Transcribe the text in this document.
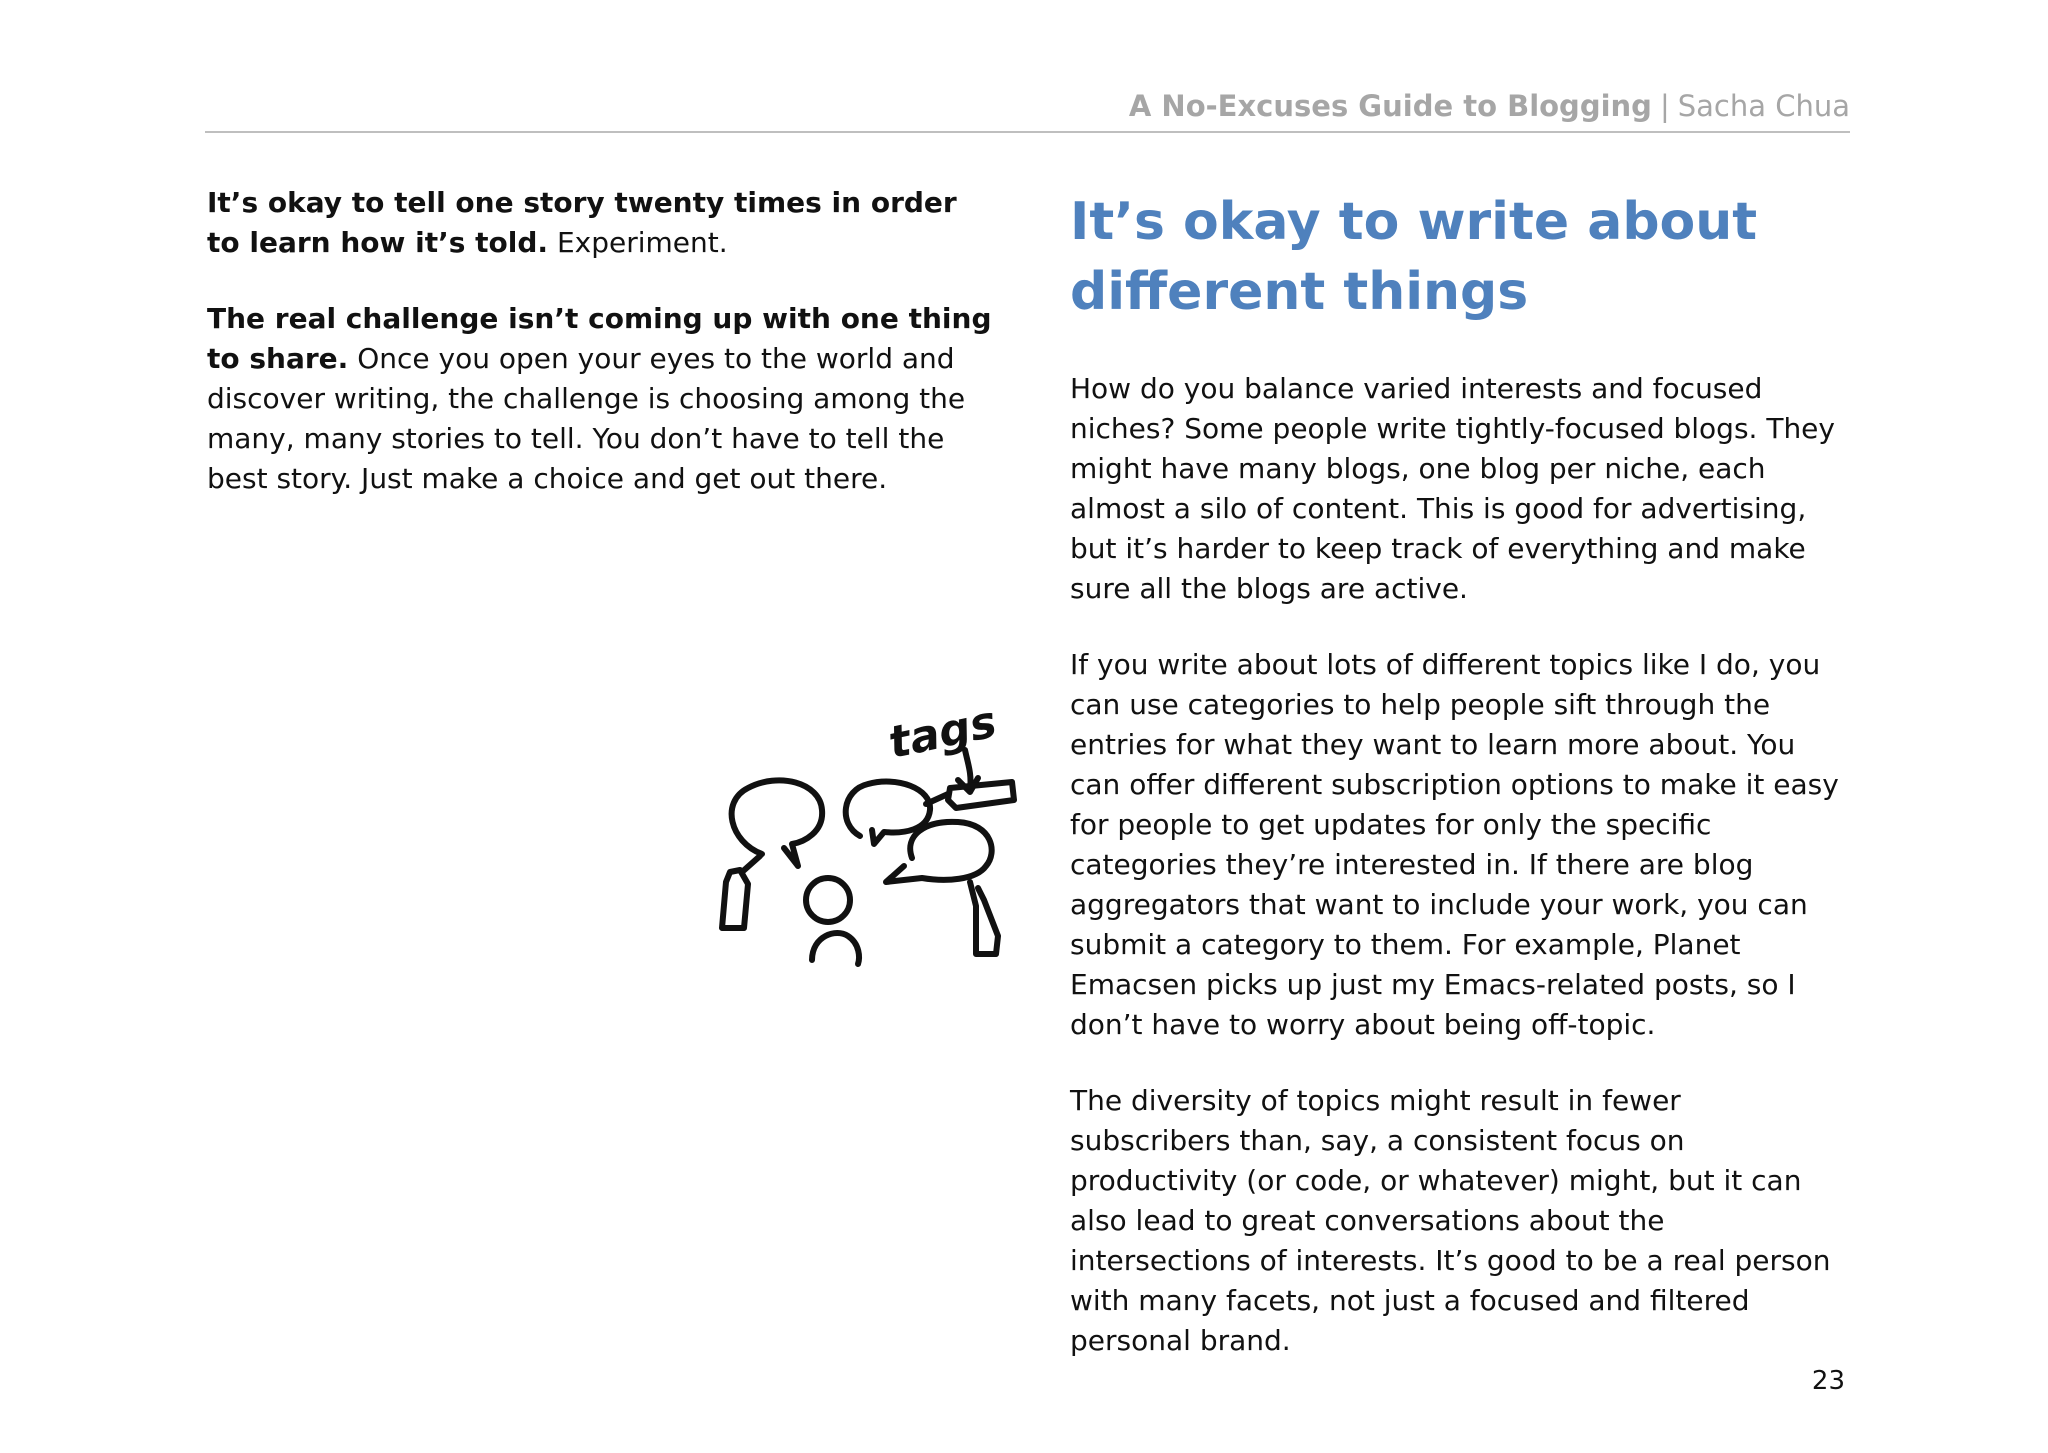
A No-Excuses Guide to Blogging | Sacha Chua

It’s okay to tell one story twenty times in order to learn how it’s told. Experiment.

The real challenge isn’t coming up with one thing to share. Once you open your eyes to the world and discover writing, the challenge is choosing among the many, many stories to tell. You don’t have to tell the best story. Just make a choice and get out there.

tags
It’s okay to write about different things

How do you balance varied interests and focused niches? Some people write tightly-focused blogs. They might have many blogs, one blog per niche, each almost a silo of content. This is good for advertising, but it’s harder to keep track of everything and make sure all the blogs are active.

If you write about lots of different topics like I do, you can use categories to help people sift through the entries for what they want to learn more about. You can offer different subscription options to make it easy for people to get updates for only the specific categories they’re interested in. If there are blog aggregators that want to include your work, you can submit a category to them. For example, Planet Emacsen picks up just my Emacs-related posts, so I don’t have to worry about being off-topic.

The diversity of topics might result in fewer subscribers than, say, a consistent focus on productivity (or code, or whatever) might, but it can also lead to great conversations about the intersections of interests. It’s good to be a real person with many facets, not just a focused and filtered personal brand.

23
